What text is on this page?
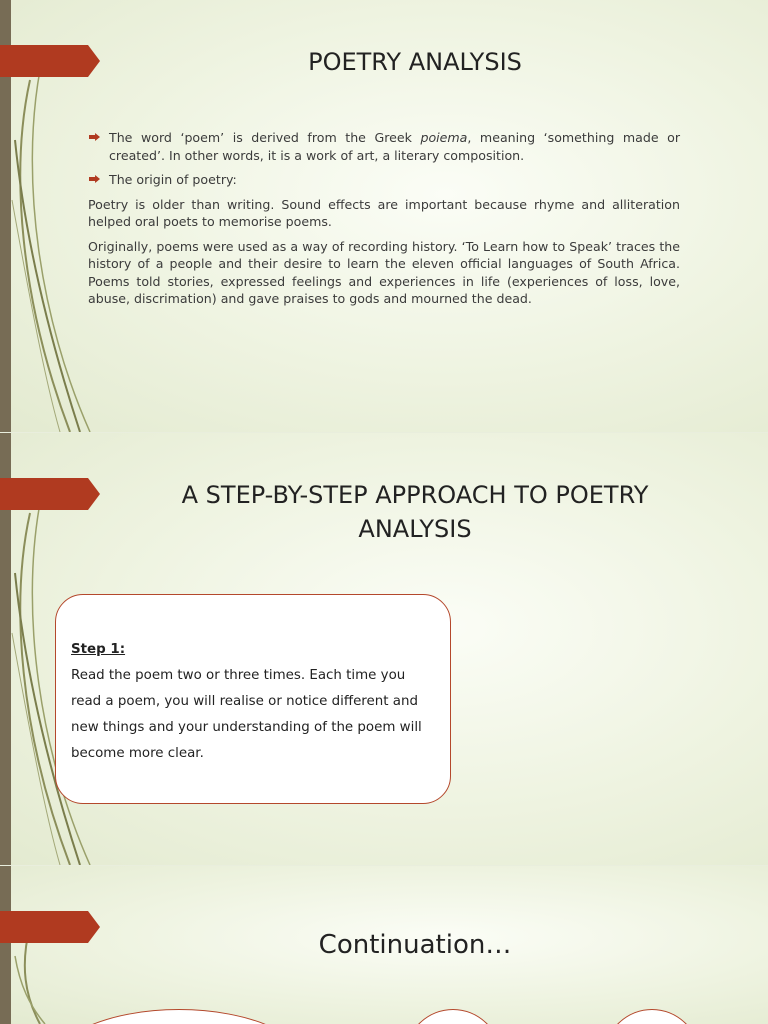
POETRY ANALYSIS
The word ‘poem’ is derived from the Greek poiema, meaning ‘something made or created’. In other words, it is a work of art, a literary composition.
The origin of poetry:

Poetry is older than writing. Sound effects are important because rhyme and alliteration helped oral poets to memorise poems.

Originally, poems were used as a way of recording history. ‘To Learn how to Speak’ traces the history of a people and their desire to learn the eleven official languages of South Africa. Poems told stories, expressed feelings and experiences in life (experiences of loss, love, abuse, discrimation) and gave praises to gods and mourned the dead.

A STEP-BY-STEP APPROACH TO POETRY ANALYSIS
Step 1:
Read the poem two or three times. Each time you read a poem, you will realise or notice different and new things and your understanding of the poem will become more clear.
Continuation…
